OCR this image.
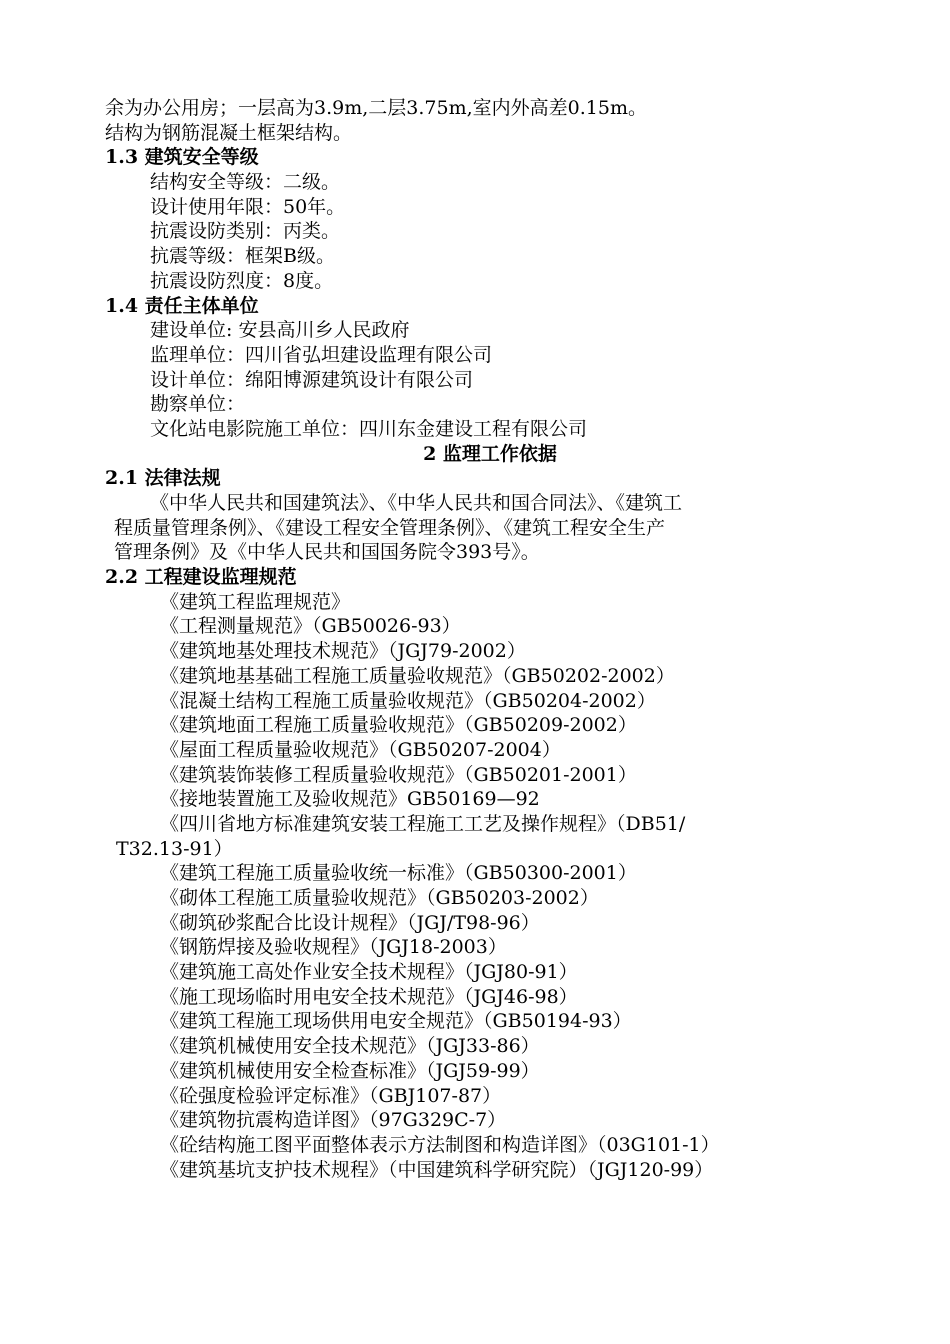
余为办公用房；一层高为3.9m,二层3.75m,室内外高差0.15m。
结构为钢筋混凝土框架结构。
1.3 建筑安全等级
结构安全等级：二级。
设计使用年限：50年。
抗震设防类别：丙类。
抗震等级：框架B级。
抗震设防烈度：8度。
1.4 责任主体单位
建设单位: 安县高川乡人民政府
监理单位：四川省弘坦建设监理有限公司
设计单位：绵阳博源建筑设计有限公司
勘察单位：
文化站电影院施工单位：四川东金建设工程有限公司
2 监理工作依据
2.1 法律法规
《中华人民共和国建筑法》、《中华人民共和国合同法》、《建筑工
程质量管理条例》、《建设工程安全管理条例》、《建筑工程安全生产
管理条例》及《中华人民共和国国务院令393号》。
2.2 工程建设监理规范
《建筑工程监理规范》
《工程测量规范》（GB50026-93）
《建筑地基处理技术规范》（JGJ79-2002）
《建筑地基基础工程施工质量验收规范》（GB50202-2002）
《混凝土结构工程施工质量验收规范》（GB50204-2002）
《建筑地面工程施工质量验收规范》（GB50209-2002）
《屋面工程质量验收规范》（GB50207-2004）
《建筑装饰装修工程质量验收规范》（GB50201-2001）
《接地装置施工及验收规范》GB50169—92
《四川省地方标准建筑安装工程施工工艺及操作规程》（DB51/
T32.13-91）
《建筑工程施工质量验收统一标准》（GB50300-2001）
《砌体工程施工质量验收规范》（GB50203-2002）
《砌筑砂浆配合比设计规程》（JGJ/T98-96）
《钢筋焊接及验收规程》（JGJ18-2003）
《建筑施工高处作业安全技术规程》（JGJ80-91）
《施工现场临时用电安全技术规范》（JGJ46-98）
《建筑工程施工现场供用电安全规范》（GB50194-93）
《建筑机械使用安全技术规范》（JGJ33-86）
《建筑机械使用安全检查标准》（JGJ59-99）
《砼强度检验评定标准》（GBJ107-87）
《建筑物抗震构造详图》（97G329C-7）
《砼结构施工图平面整体表示方法制图和构造详图》（03G101-1）
《建筑基坑支护技术规程》（中国建筑科学研究院）（JGJ120-99）
